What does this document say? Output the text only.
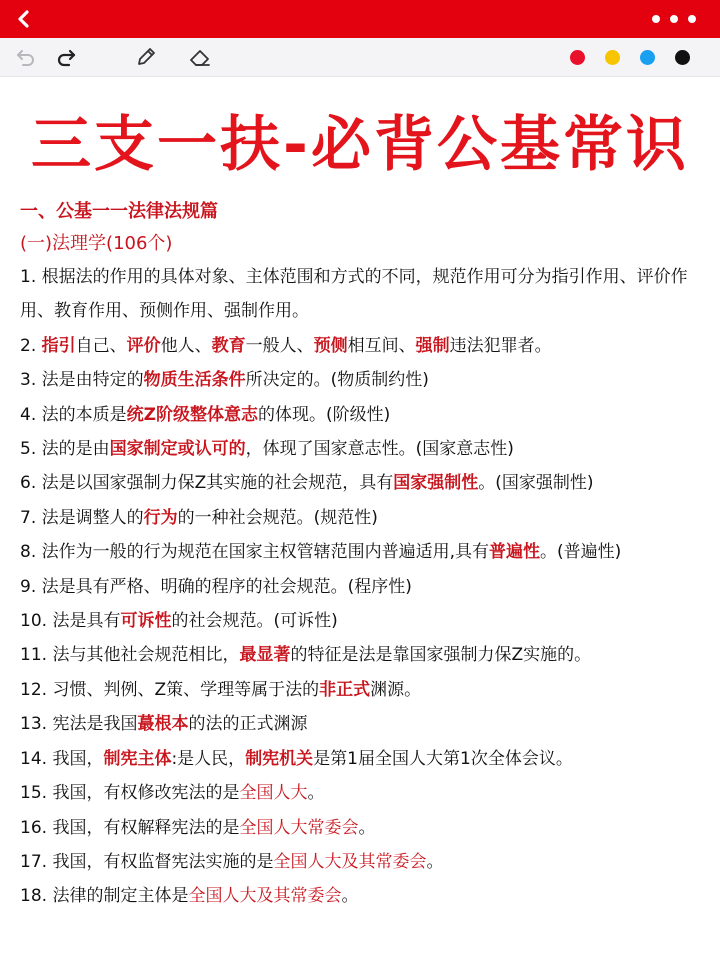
三支一扶-必背公基常识
一、公基一一法律法规篇
(一)法理学(106个)
1. 根据法的作用的具体对象、主体范围和方式的不同，规范作用可分为指引作用、评价作用、教育作用、预侧作用、强制作用。
2. 指引自己、评价他人、教育一般人、预侧相互间、强制违法犯罪者。
3. 法是由特定的物质生活条件所决定的。(物质制约性)
4. 法的本质是统Z阶级整体意志的体现。(阶级性)
5. 法的是由国家制定或认可的，体现了国家意志性。(国家意志性)
6. 法是以国家强制力保Z其实施的社会规范，具有国家强制性。(国家强制性)
7. 法是调整人的行为的一种社会规范。(规范性)
8. 法作为一般的行为规范在国家主权管辖范围内普遍适用,具有普遍性。(普遍性)
9. 法是具有严格、明确的程序的社会规范。(程序性)
10. 法是具有可诉性的社会规范。(可诉性)
11. 法与其他社会规范相比，最显著的特征是法是靠国家强制力保Z实施的。
12. 习惯、判例、Z策、学理等属于法的非正式渊源。
13. 宪法是我国蕞根本的法的正式渊源
14. 我国，制宪主体:是人民，制宪机关是第1届全国人大第1次全体会议。
15. 我国，有权修改宪法的是全国人大。
16. 我国，有权解释宪法的是全国人大常委会。
17. 我国，有权监督宪法实施的是全国人大及其常委会。
18. 法律的制定主体是全国人大及其常委会。
